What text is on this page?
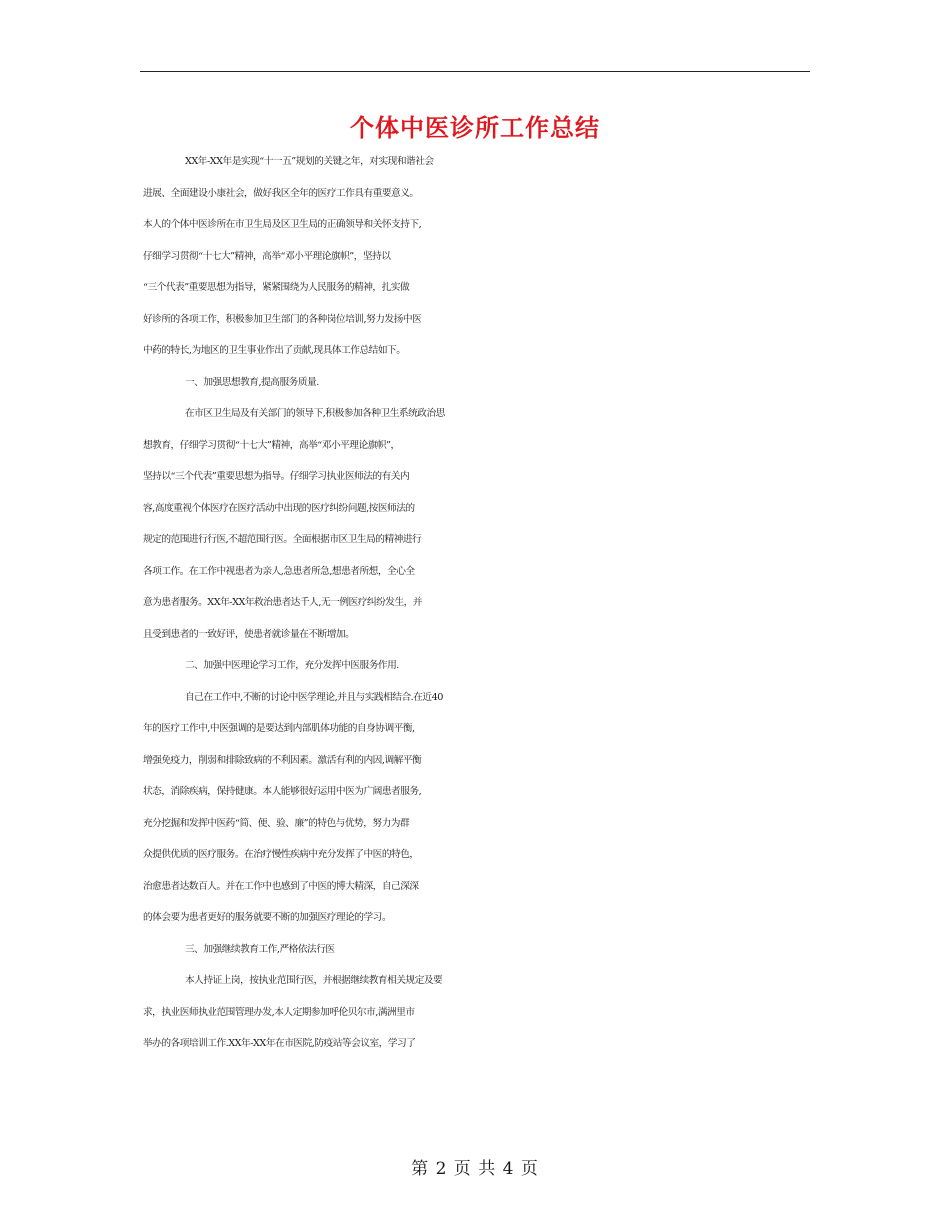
个体中医诊所工作总结
XX年-XX年是实现“十一五”规划的关键之年，对实现和谐社会
进展、全面建设小康社会，做好我区全年的医疗工作具有重要意义。
本人的个体中医诊所在市卫生局及区卫生局的正确领导和关怀支持下,
仔细学习贯彻“十七大”精神，高举“邓小平理论旗帜”，坚持以
“三个代表”重要思想为指导，紧紧围绕为人民服务的精神，扎实做
好诊所的各项工作，积极参加卫生部门的各种岗位培训,努力发扬中医
中药的特长,为地区的卫生事业作出了贡献,现具体工作总结如下。
一、加强思想教育,提高服务质量.
在市区卫生局及有关部门的领导下,积极参加各种卫生系统政治思
想教育，仔细学习贯彻“十七大”精神，高举“邓小平理论旗帜”，
坚持以“三个代表”重要思想为指导。仔细学习执业医师法的有关内
容,高度重视个体医疗在医疗活动中出现的医疗纠纷问题,按医师法的
规定的范围进行行医,不超范围行医。全面根据市区卫生局的精神进行
各项工作。在工作中视患者为亲人,急患者所急,想患者所想，全心全
意为患者服务。XX年-XX年救治患者达千人,无一例医疗纠纷发生，并
且受到患者的一致好评，使患者就诊量在不断增加。
二、加强中医理论学习工作，充分发挥中医服务作用.
自己在工作中,不断的讨论中医学理论,并且与实践相结合.在近40
年的医疗工作中,中医强调的是要达到内部肌体功能的自身协调平衡,
增强免疫力，削弱和排除致病的不利因素。激活有利的内因,调解平衡
状态，消除疾病，保持健康。本人能够很好运用中医为广阔患者服务,
充分挖掘和发挥中医药“简、便、验、廉”的特色与优势，努力为群
众提供优质的医疗服务。在治疗慢性疾病中充分发挥了中医的特色，
治愈患者达数百人。并在工作中也感到了中医的博大精深，自己深深
的体会要为患者更好的服务就要不断的加强医疗理论的学习。
三、加强继续教育工作,严格依法行医
本人持证上岗，按执业范围行医，并根据继续教育相关规定及要
求，执业医师执业范围管理办发,本人定期参加呼伦贝尔市,满洲里市
举办的各项培训工作.XX年-XX年在市医院,防疫站等会议室，学习了
第 2 页 共 4 页
